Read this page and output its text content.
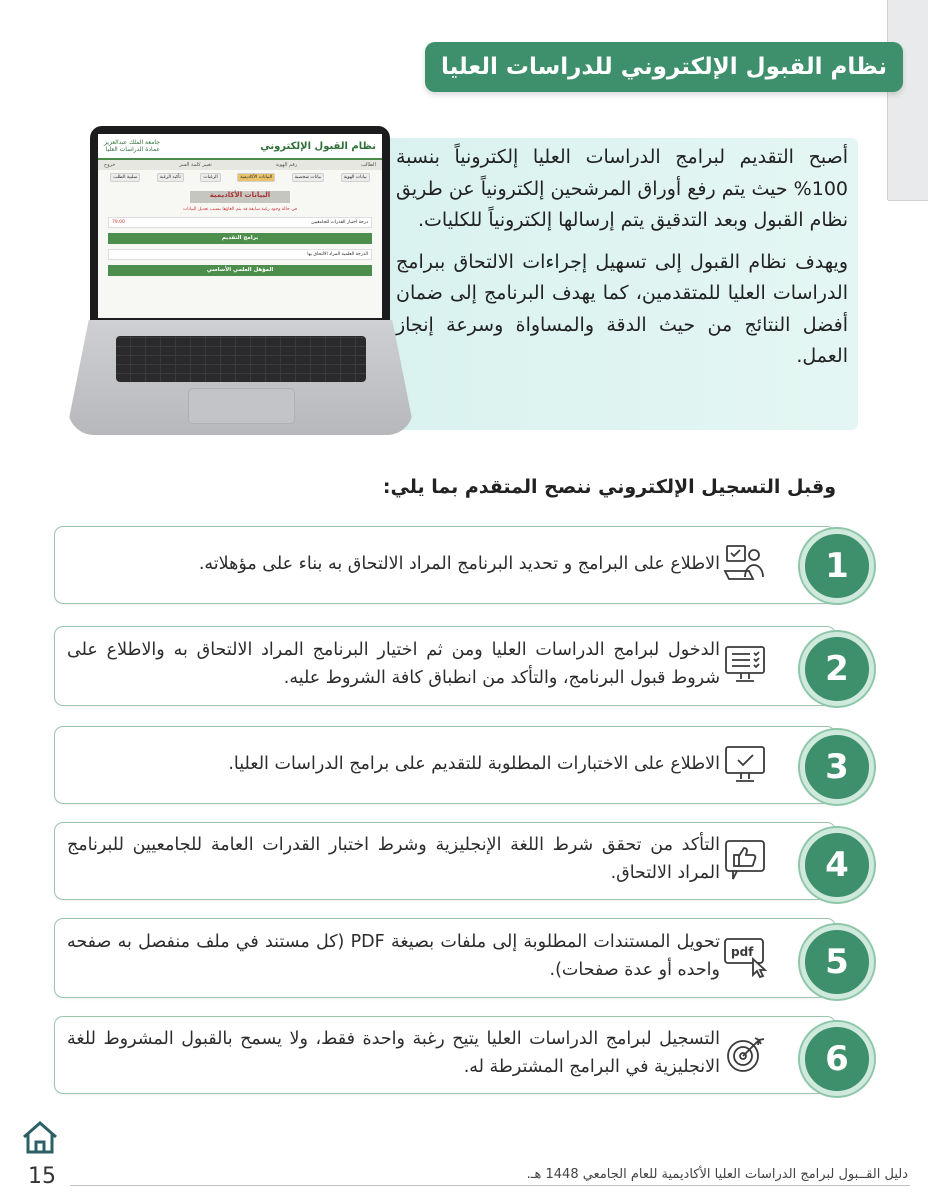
نظام القبول الإلكتروني للدراسات العليا

أصبح التقديم لبرامج الدراسات العليا إلكترونياً بنسبة 100% حيث يتم رفع أوراق المرشحين إلكترونياً عن طريق نظام القبول وبعد التدقيق يتم إرسالها إلكترونياً للكليات.

ويهدف نظام القبول إلى تسهيل إجراءات الالتحاق ببرامج الدراسات العليا للمتقدمين، كما يهدف البرنامج إلى ضمان أفضل النتائج من حيث الدقة والمساواة وسرعة إنجاز العمل.

جامعة الملك عبدالعزيز
عمادة الدراسات العليا	نظام القبول الإلكتروني
خروج	تغيير كلمة السر	رقم الهوية	الطالب
سلبية الطلب	تأكيد الرغبة	الرغبات	البيانات الأكاديمية	بيانات شخصية	بيانات الهوية
البيانات الأكاديمية
في حالة وجود رغبة سابقة قد يتم الغاؤها بسبب تعديل البيانات
درجة اختبار القدرات للجامعيين
79.00
برامج التقديم
الدرجة العلمية المراد الالتحاق بها
المؤهل العلمي الأساسي
وقبل التسجيل الإلكتروني ننصح المتقدم بما يلي:
الاطلاع على البرامج و تحديد البرنامج المراد الالتحاق به بناء على مؤهلاته.	1
الدخول لبرامج الدراسات العليا ومن ثم اختيار البرنامج المراد الالتحاق به والاطلاع على شروط قبول البرنامج، والتأكد من انطباق كافة الشروط عليه.	2
الاطلاع على الاختبارات المطلوبة للتقديم على برامج الدراسات العليا.	3
التأكد من تحقق شرط اللغة الإنجليزية وشرط اختبار القدرات العامة للجامعيين للبرنامج المراد الالتحاق.	4
تحويل المستندات المطلوبة إلى ملفات بصيغة PDF (كل مستند في ملف منفصل به صفحه واحده أو عدة صفحات).
pdf	5
التسجيل لبرامج الدراسات العليا يتيح رغبة واحدة فقط، ولا يسمح بالقبول المشروط للغة الانجليزية في البرامج المشترطة له.	6
15	دليل القــبول لبرامج الدراسات العليا الأكاديمية للعام الجامعي 1448 هـ.
